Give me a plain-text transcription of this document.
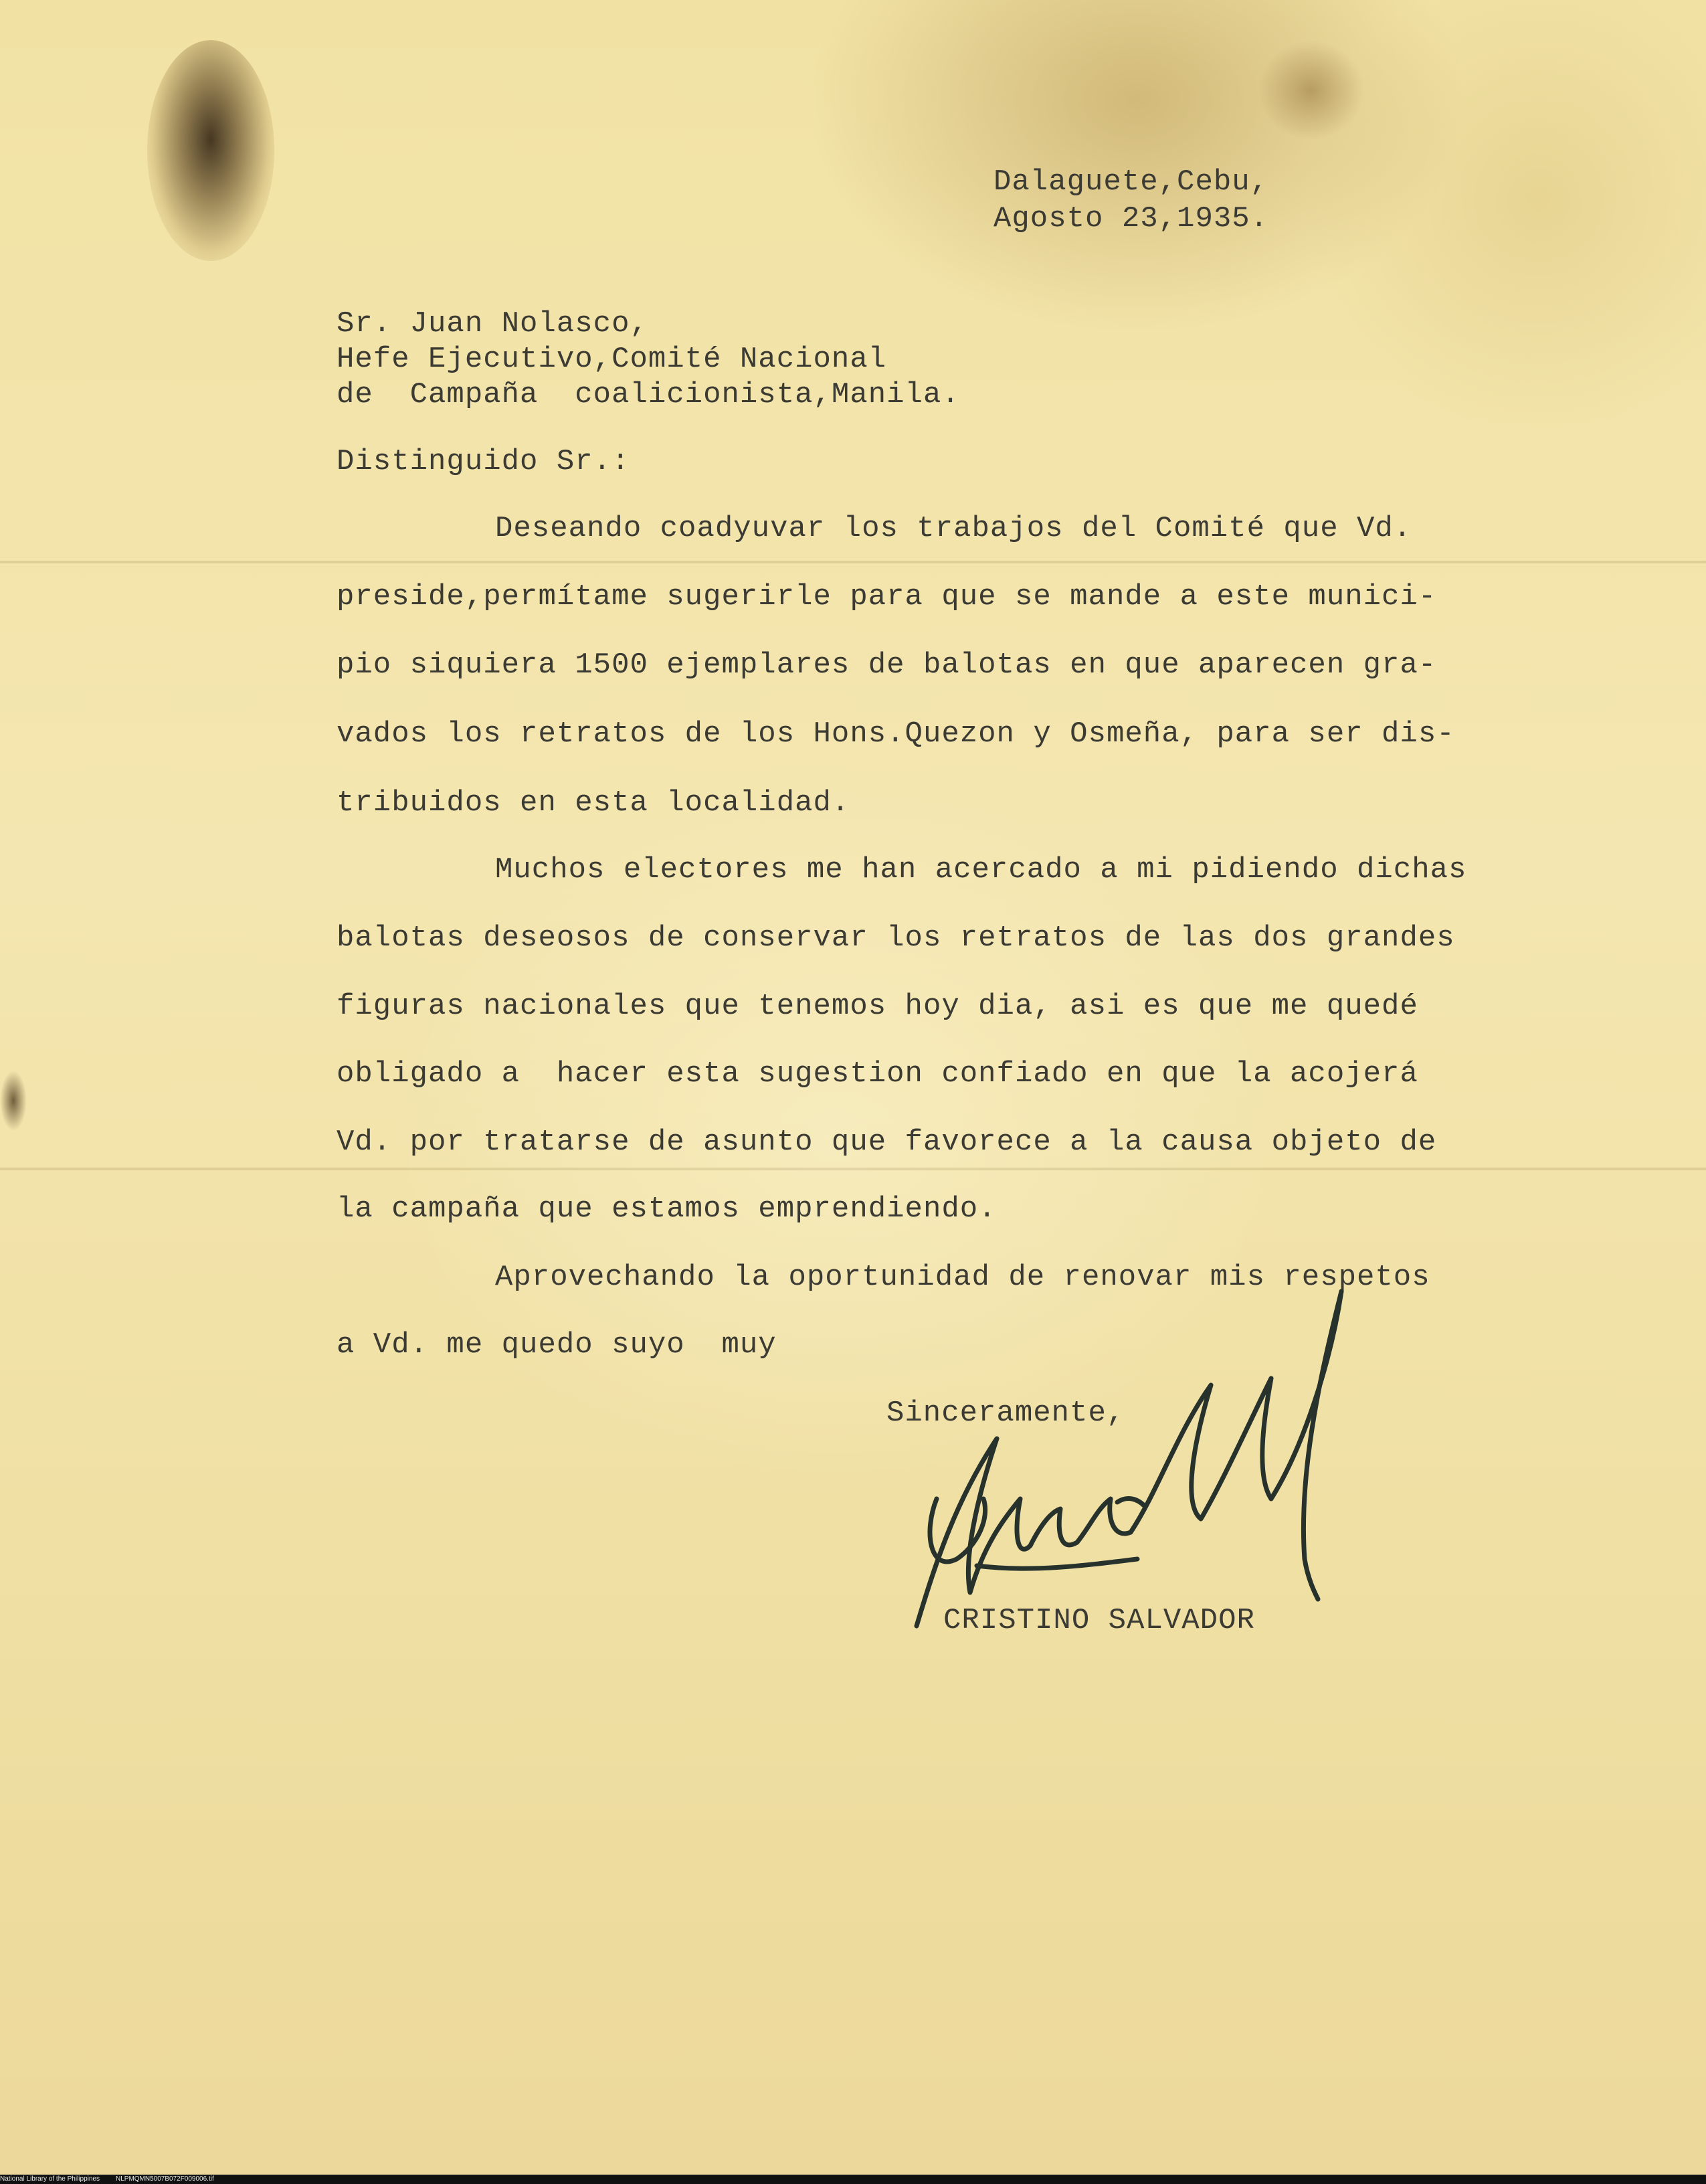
Dalaguete,Cebu,
Agosto 23,1935.
Sr. Juan Nolasco,
Hefe Ejecutivo,Comité Nacional
de  Campaña  coalicionista,Manila.
Distinguido Sr.:
Deseando coadyuvar los trabajos del Comité que Vd.
preside,permítame sugerirle para que se mande a este munici-
pio siquiera 1500 ejemplares de balotas en que aparecen gra-
vados los retratos de los Hons.Quezon y Osmeña, para ser dis-
tribuidos en esta localidad.
Muchos electores me han acercado a mi pidiendo dichas
balotas deseosos de conservar los retratos de las dos grandes
figuras nacionales que tenemos hoy dia, asi es que me quedé
obligado a  hacer esta sugestion confiado en que la acojerá
Vd. por tratarse de asunto que favorece a la causa objeto de
la campaña que estamos emprendiendo.
Aprovechando la oportunidad de renovar mis respetos
a Vd. me quedo suyo  muy
Sinceramente,
CRISTINO SALVADOR
National Library of the Philippines NLPMQMN5007B072F009006.tif
